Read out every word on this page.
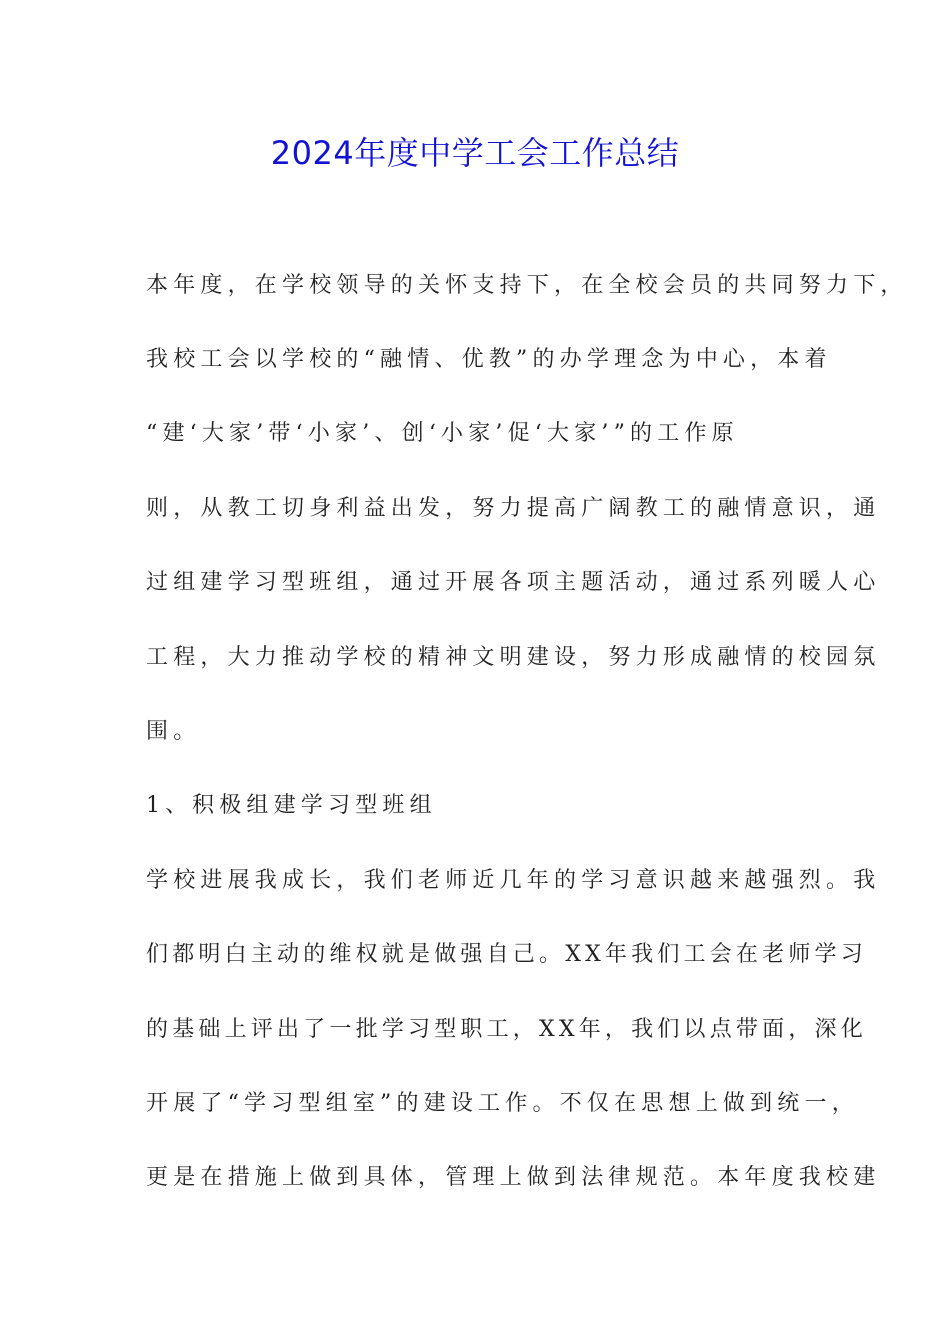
2024年度中学工会工作总结
本年度，在学校领导的关怀支持下，在全校会员的共同努力下，
我校工会以学校的“融情、优教”的办学理念为中心，本着
“建‘大家’带‘小家’、创‘小家’促‘大家’”的工作原
则，从教工切身利益出发，努力提高广阔教工的融情意识，通
过组建学习型班组，通过开展各项主题活动，通过系列暖人心
工程，大力推动学校的精神文明建设，努力形成融情的校园氛
围。
1、积极组建学习型班组
学校进展我成长，我们老师近几年的学习意识越来越强烈。我
们都明白主动的维权就是做强自己。XX年我们工会在老师学习
的基础上评出了一批学习型职工，XX年，我们以点带面，深化
开展了“学习型组室”的建设工作。不仅在思想上做到统一，
更是在措施上做到具体，管理上做到法律规范。本年度我校建
